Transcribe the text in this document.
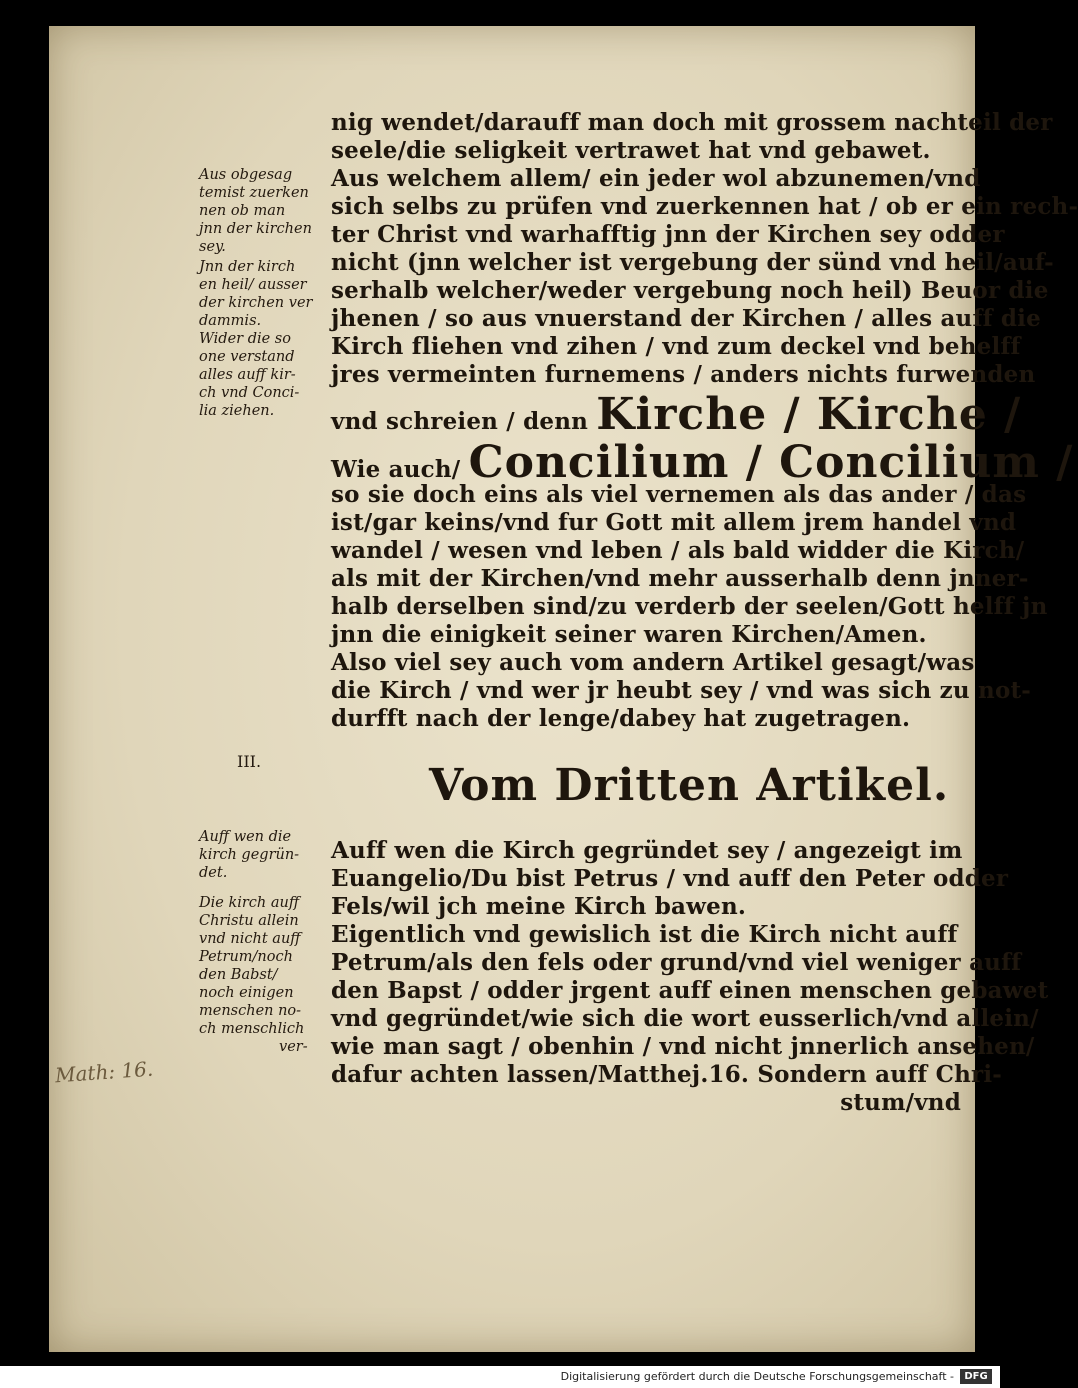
nig wendet/darauff man doch mit grossem nachteil der
seele/die seligkeit vertrawet hat vnd gebawet.
Aus welchem allem/ ein jeder wol abzunemen/vnd
sich selbs zu prüfen vnd zuerkennen hat / ob er ein rech-
ter Christ vnd warhafftig jnn der Kirchen sey odder
nicht (jnn welcher ist vergebung der sünd vnd heil/auf-
serhalb welcher/weder vergebung noch heil) Beuor die
jhenen / so aus vnuerstand der Kirchen / alles auff die
Kirch fliehen vnd zihen / vnd zum deckel vnd behelff
jres vermeinten furnemens / anders nichts furwenden
vnd schreien / denn Kirche / Kirche /
Wie auch/ Concilium / Concilium /
so sie doch eins als viel vernemen als das ander / das
ist/gar keins/vnd fur Gott mit allem jrem handel vnd
wandel / wesen vnd leben / als bald widder die Kirch/
als mit der Kirchen/vnd mehr ausserhalb denn jnner-
halb derselben sind/zu verderb der seelen/Gott helff jn
jnn die einigkeit seiner waren Kirchen/Amen.
Also viel sey auch vom andern Artikel gesagt/was
die Kirch / vnd wer jr heubt sey / vnd was sich zu not-
durfft nach der lenge/dabey hat zugetragen.
III.	Vom Dritten Artikel.
Auff wen die Kirch gegründet sey / angezeigt im
Euangelio/Du bist Petrus / vnd auff den Peter odder
Fels/wil jch meine Kirch bawen.
Eigentlich vnd gewislich ist die Kirch nicht auff
Petrum/als den fels oder grund/vnd viel weniger auff
den Bapst / odder jrgent auff einen menschen gebawet
vnd gegründet/wie sich die wort eusserlich/vnd allein/
wie man sagt / obenhin / vnd nicht jnnerlich ansehen/
dafur achten lassen/Matthej.16. Sondern auff Chri-
stum/vnd
Aus obgesag
temist zuerken
nen ob man
jnn der kirchen
sey.
Jnn der kirch
en heil/ ausser
der kirchen ver
dammis.
Wider die so
one verstand
alles auff kir-
ch vnd Conci-
lia ziehen.
Auff wen die
kirch gegrün-
det.
Die kirch auff
Christu allein
vnd nicht auff
Petrum/noch
den Babst/
noch einigen
menschen no-
ch menschlich
ver-
Math: 16.
Digitalisierung gefördert durch die Deutsche Forschungsgemeinschaft -	DFG
